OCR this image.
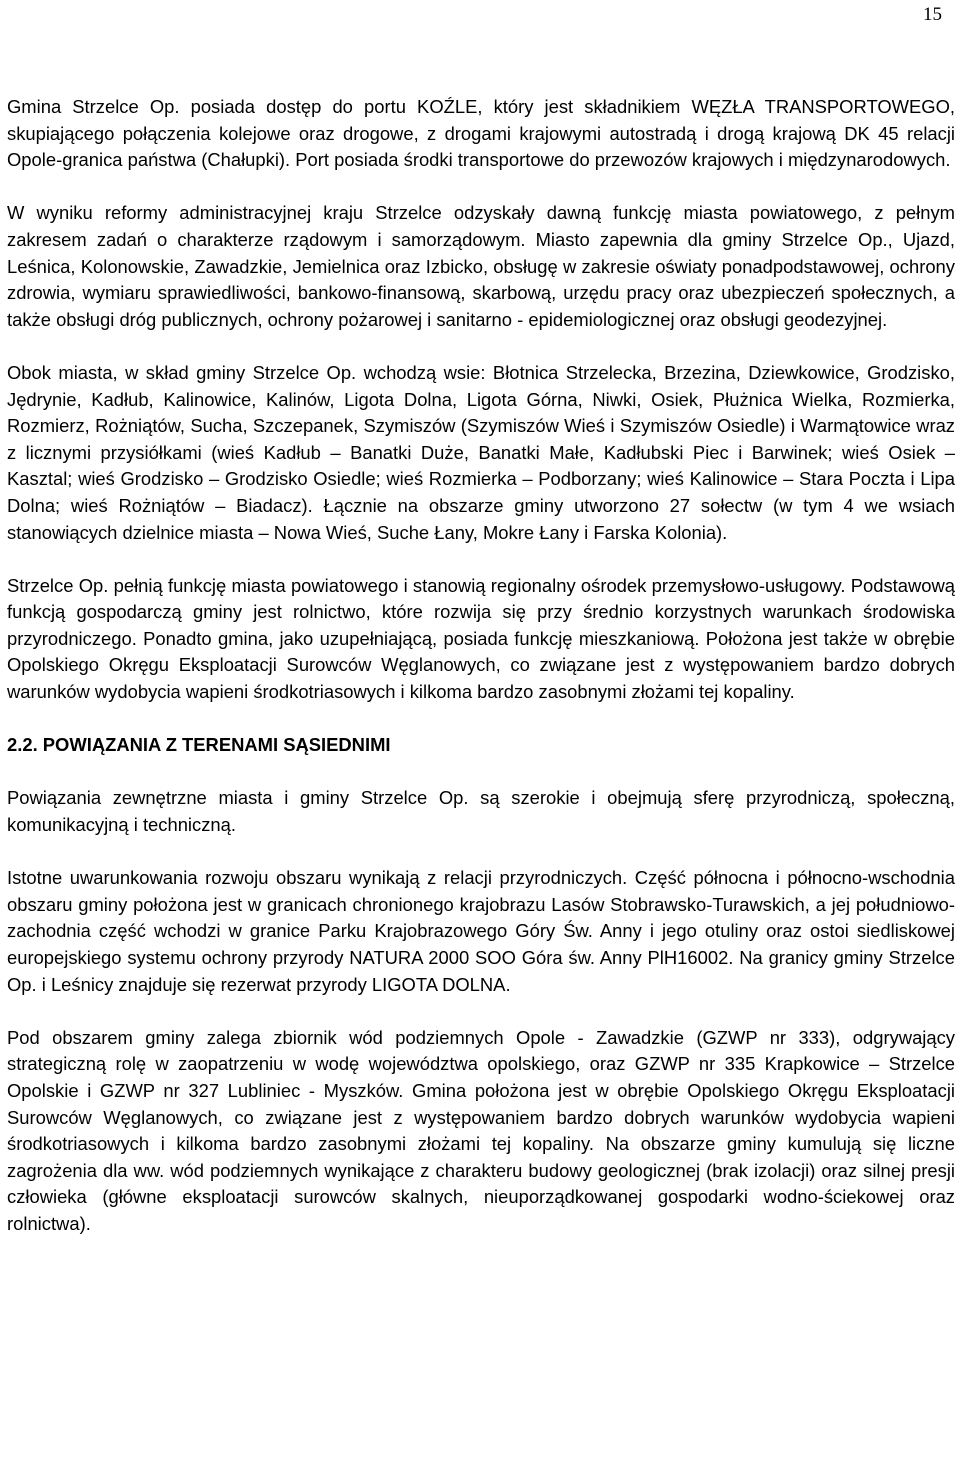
15

Gmina Strzelce Op. posiada dostęp do portu KOŹLE, który jest składnikiem WĘZŁA TRANSPORTOWEGO, skupiającego połączenia kolejowe oraz drogowe, z drogami krajowymi autostradą i drogą krajową DK 45 relacji Opole-granica państwa (Chałupki). Port posiada środki transportowe do przewozów krajowych i międzynarodowych.

W wyniku reformy administracyjnej kraju Strzelce odzyskały dawną funkcję miasta powiatowego, z pełnym zakresem zadań o charakterze rządowym i samorządowym. Miasto zapewnia dla gminy Strzelce Op., Ujazd, Leśnica, Kolonowskie, Zawadzkie, Jemielnica oraz Izbicko, obsługę w zakresie oświaty ponadpodstawowej, ochrony zdrowia, wymiaru sprawiedliwości, bankowo-finansową, skarbową, urzędu pracy oraz ubezpieczeń społecznych, a także obsługi dróg publicznych, ochrony pożarowej i sanitarno - epidemiologicznej oraz obsługi geodezyjnej.

Obok miasta, w skład gminy Strzelce Op. wchodzą wsie: Błotnica Strzelecka, Brzezina, Dziewkowice, Grodzisko, Jędrynie, Kadłub, Kalinowice, Kalinów, Ligota Dolna, Ligota Górna, Niwki, Osiek, Płużnica Wielka, Rozmierka, Rozmierz, Rożniątów, Sucha, Szczepanek, Szymiszów (Szymiszów Wieś i Szymiszów Osiedle) i Warmątowice wraz z licznymi przysiółkami (wieś Kadłub – Banatki Duże, Banatki Małe, Kadłubski Piec i Barwinek; wieś Osiek – Kasztal; wieś Grodzisko – Grodzisko Osiedle; wieś Rozmierka – Podborzany; wieś Kalinowice – Stara Poczta i Lipa Dolna; wieś Rożniątów – Biadacz). Łącznie na obszarze gminy utworzono 27 sołectw (w tym 4 we wsiach stanowiących dzielnice miasta – Nowa Wieś, Suche Łany, Mokre Łany i Farska Kolonia).

Strzelce Op. pełnią funkcję miasta powiatowego i stanowią regionalny ośrodek przemysłowo-usługowy. Podstawową funkcją gospodarczą gminy jest rolnictwo, które rozwija się przy średnio korzystnych warunkach środowiska przyrodniczego. Ponadto gmina, jako uzupełniającą, posiada funkcję mieszkaniową. Położona jest także w obrębie Opolskiego Okręgu Eksploatacji Surowców Węglanowych, co związane jest z występowaniem bardzo dobrych warunków wydobycia wapieni środkotriasowych i kilkoma bardzo zasobnymi złożami tej kopaliny.

2.2. POWIĄZANIA Z TERENAMI SĄSIEDNIMI

Powiązania zewnętrzne miasta i gminy Strzelce Op. są szerokie i obejmują sferę przyrodniczą, społeczną, komunikacyjną i techniczną.

Istotne uwarunkowania rozwoju obszaru wynikają z relacji przyrodniczych. Część północna i północno-wschodnia obszaru gminy położona jest w granicach chronionego krajobrazu Lasów Stobrawsko-Turawskich, a jej południowo-zachodnia część wchodzi w granice Parku Krajobrazowego Góry Św. Anny i jego otuliny oraz ostoi siedliskowej europejskiego systemu ochrony przyrody NATURA 2000 SOO Góra św. Anny PlH16002. Na granicy gminy Strzelce Op. i Leśnicy znajduje się rezerwat przyrody LIGOTA DOLNA.

Pod obszarem gminy zalega zbiornik wód podziemnych Opole - Zawadzkie (GZWP nr 333), odgrywający strategiczną rolę w zaopatrzeniu w wodę województwa opolskiego, oraz GZWP nr 335 Krapkowice – Strzelce Opolskie i GZWP nr 327 Lubliniec - Myszków. Gmina położona jest w obrębie Opolskiego Okręgu Eksploatacji Surowców Węglanowych, co związane jest z występowaniem bardzo dobrych warunków wydobycia wapieni środkotriasowych i kilkoma bardzo zasobnymi złożami tej kopaliny. Na obszarze gminy kumulują się liczne zagrożenia dla ww. wód podziemnych wynikające z charakteru budowy geologicznej (brak izolacji) oraz silnej presji człowieka (główne eksploatacji surowców skalnych, nieuporządkowanej gospodarki wodno-ściekowej oraz rolnictwa).
